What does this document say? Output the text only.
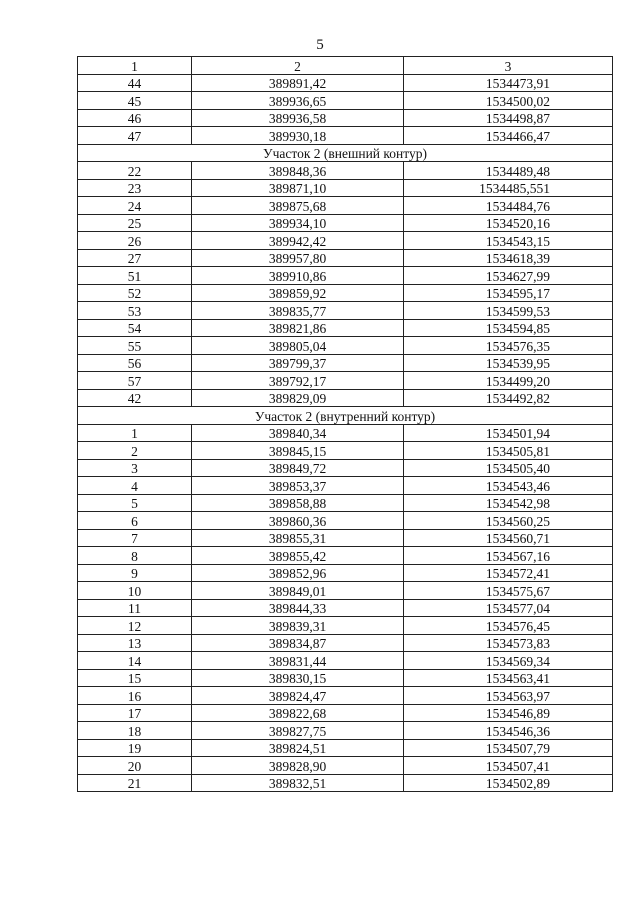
5
1	2	3
44	389891,42	1534473,91
45	389936,65	1534500,02
46	389936,58	1534498,87
47	389930,18	1534466,47
Участок 2 (внешний контур)		
22	389848,36	1534489,48
23	389871,10	1534485,551
24	389875,68	1534484,76
25	389934,10	1534520,16
26	389942,42	1534543,15
27	389957,80	1534618,39
51	389910,86	1534627,99
52	389859,92	1534595,17
53	389835,77	1534599,53
54	389821,86	1534594,85
55	389805,04	1534576,35
56	389799,37	1534539,95
57	389792,17	1534499,20
42	389829,09	1534492,82
Участок 2 (внутренний контур)		
1	389840,34	1534501,94
2	389845,15	1534505,81
3	389849,72	1534505,40
4	389853,37	1534543,46
5	389858,88	1534542,98
6	389860,36	1534560,25
7	389855,31	1534560,71
8	389855,42	1534567,16
9	389852,96	1534572,41
10	389849,01	1534575,67
11	389844,33	1534577,04
12	389839,31	1534576,45
13	389834,87	1534573,83
14	389831,44	1534569,34
15	389830,15	1534563,41
16	389824,47	1534563,97
17	389822,68	1534546,89
18	389827,75	1534546,36
19	389824,51	1534507,79
20	389828,90	1534507,41
21	389832,51	1534502,89
